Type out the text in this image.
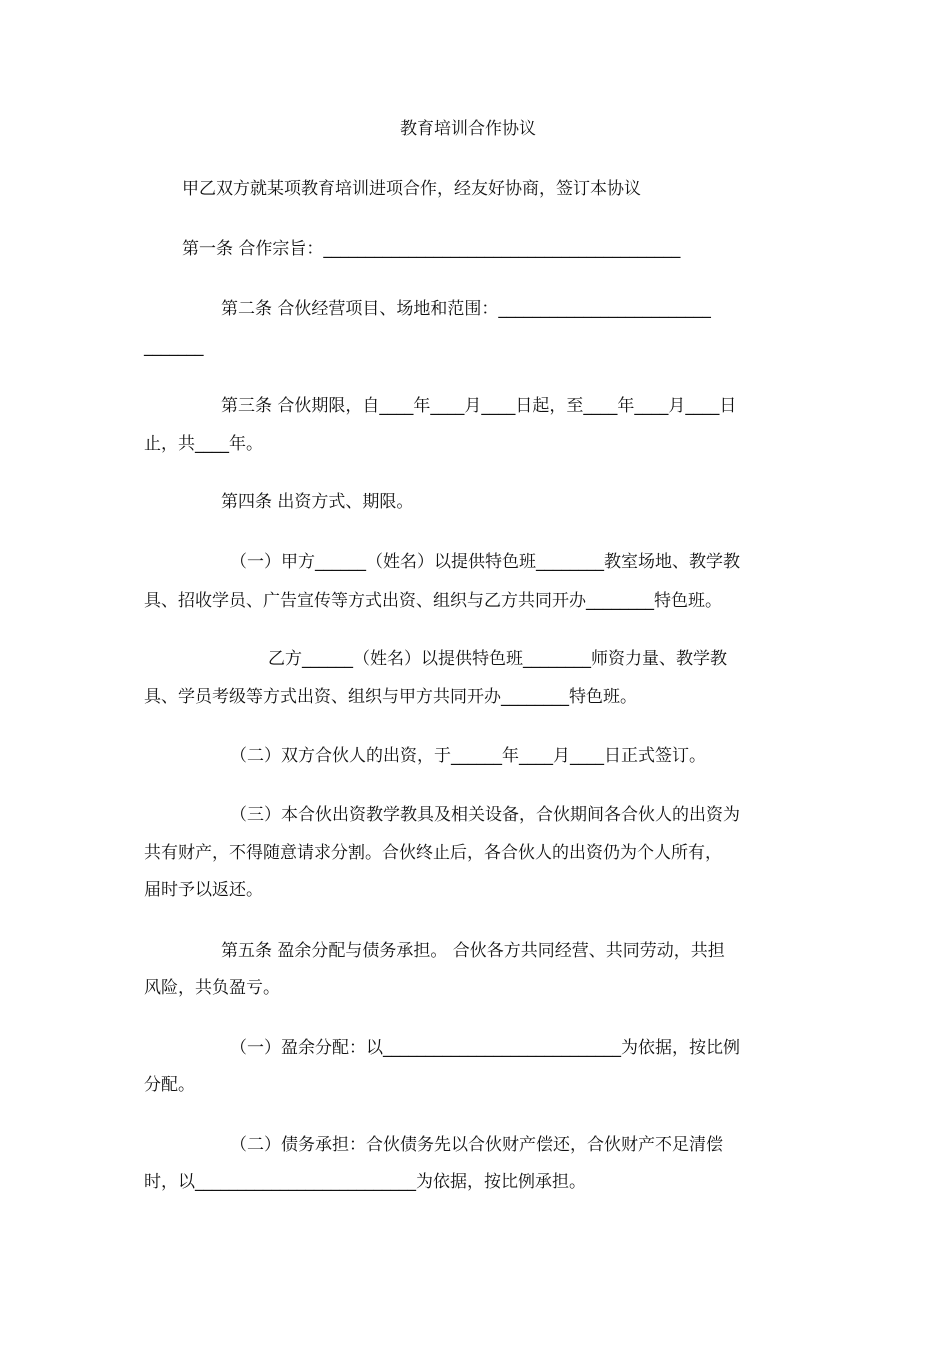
教育培训合作协议
甲乙双方就某项教育培训进项合作，经友好协商，签订本协议
第一条 合作宗旨：__________________________________________
第二条 合伙经营项目、场地和范围：_________________________
_______
第三条 合伙期限，自____年____月____日起，至____年____月____日
止，共____年。
第四条 出资方式、期限。
（一）甲方______（姓名）以提供特色班________教室场地、教学教
具、招收学员、广告宣传等方式出资、组织与乙方共同开办________特色班。
乙方______（姓名）以提供特色班________师资力量、教学教
具、学员考级等方式出资、组织与甲方共同开办________特色班。
（二）双方合伙人的出资，于______年____月____日正式签订。
（三）本合伙出资教学教具及相关设备，合伙期间各合伙人的出资为
共有财产，不得随意请求分割。合伙终止后，各合伙人的出资仍为个人所有，
届时予以返还。
第五条 盈余分配与债务承担。 合伙各方共同经营、共同劳动，共担
风险，共负盈亏。
（一）盈余分配：以____________________________为依据，按比例
分配。
（二）债务承担：合伙债务先以合伙财产偿还，合伙财产不足清偿
时，以__________________________为依据，按比例承担。
